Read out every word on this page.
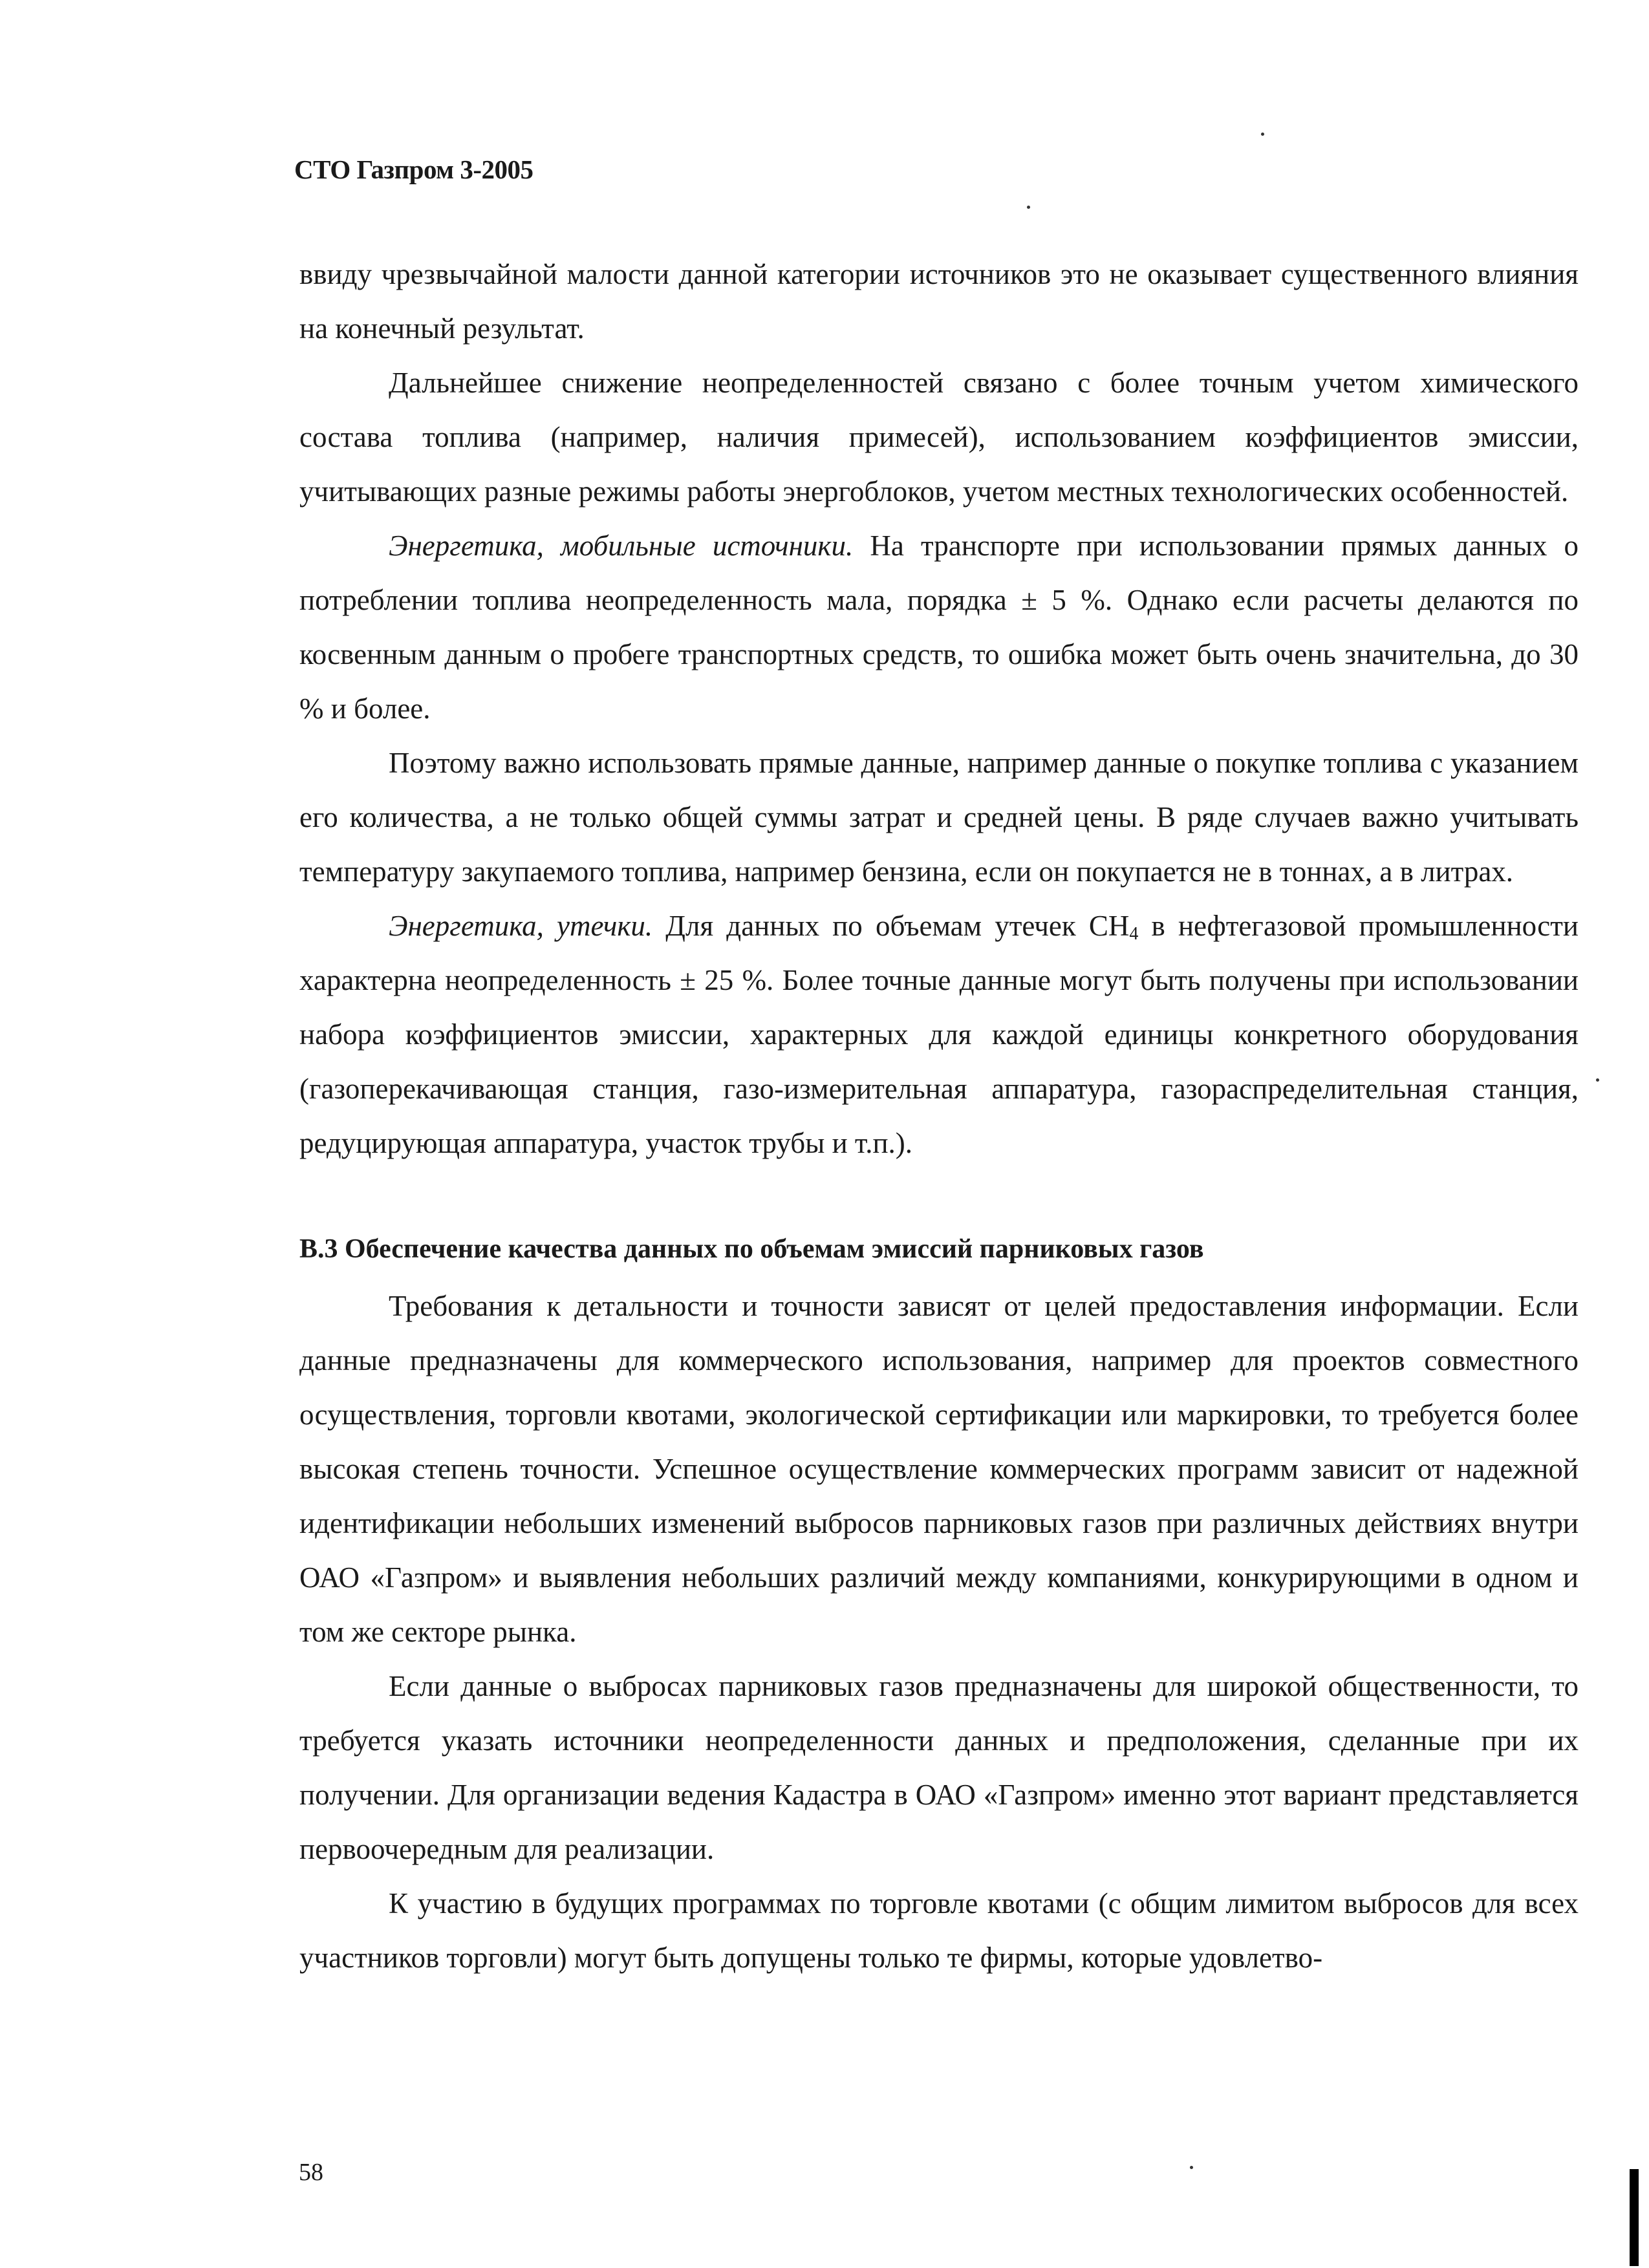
СТО Газпром 3-2005

ввиду чрезвычайной малости данной категории источников это не оказывает существенного влияния на конечный результат.

Дальнейшее снижение неопределенностей связано с более точным учетом химического состава топлива (например, наличия примесей), использованием коэффициентов эмиссии, учитывающих разные режимы работы энергоблоков, учетом местных технологических особенностей.

Энергетика, мобильные источники. На транспорте при использовании прямых данных о потреблении топлива неопределенность мала, порядка ± 5 %. Однако если расчеты делаются по косвенным данным о пробеге транспортных средств, то ошибка может быть очень значительна, до 30 % и более.

Поэтому важно использовать прямые данные, например данные о покупке топлива с указанием его количества, а не только общей суммы затрат и средней цены. В ряде случаев важно учитывать температуру закупаемого топлива, например бензина, если он покупается не в тоннах, а в литрах.

Энергетика, утечки. Для данных по объемам утечек $CH_4$ в нефтегазовой промышленности характерна неопределенность ± 25 %. Более точные данные могут быть получены при использовании набора коэффициентов эмиссии, характерных для каждой единицы конкретного оборудования (газоперекачивающая станция, газо-измерительная аппаратура, газораспределительная станция, редуцирующая аппаратура, участок трубы и т.п.).

В.3 Обеспечение качества данных по объемам эмиссий парниковых газов

Требования к детальности и точности зависят от целей предоставления информации. Если данные предназначены для коммерческого использования, например для проектов совместного осуществления, торговли квотами, экологической сертификации или маркировки, то требуется более высокая степень точности. Успешное осуществление коммерческих программ зависит от надежной идентификации небольших изменений выбросов парниковых газов при различных действиях внутри ОАО «Газпром» и выявления небольших различий между компаниями, конкурирующими в одном и том же секторе рынка.

Если данные о выбросах парниковых газов предназначены для широкой общественности, то требуется указать источники неопределенности данных и предположения, сделанные при их получении. Для организации ведения Кадастра в ОАО «Газпром» именно этот вариант представляется первоочередным для реализации.

К участию в будущих программах по торговле квотами (с общим лимитом выбросов для всех участников торговли) могут быть допущены только те фирмы, которые удовлетво-

58
